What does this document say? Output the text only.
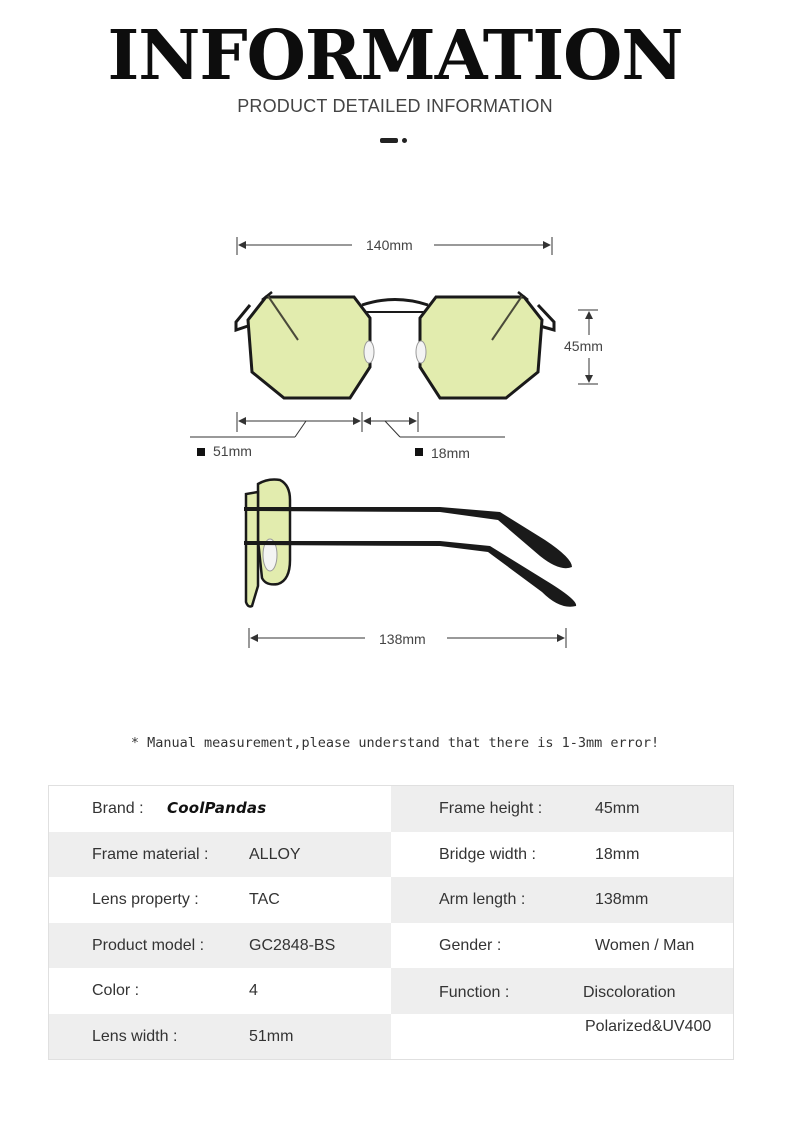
INFORMATION
PRODUCT DETAILED INFORMATION
140mm
45mm
51mm	18mm
138mm
* Manual measurement,please understand that there is 1-3mm error!
Brand : CoolPandas
Frame material :	ALLOY
Lens property :	TAC
Product model :	GC2848-BS
Color :	4
Lens width :	51mm
Frame height :	45mm
Bridge width :	18mm
Arm length :	138mm
Gender :	Women / Man
Function :	Discoloration
Polarized&UV400
